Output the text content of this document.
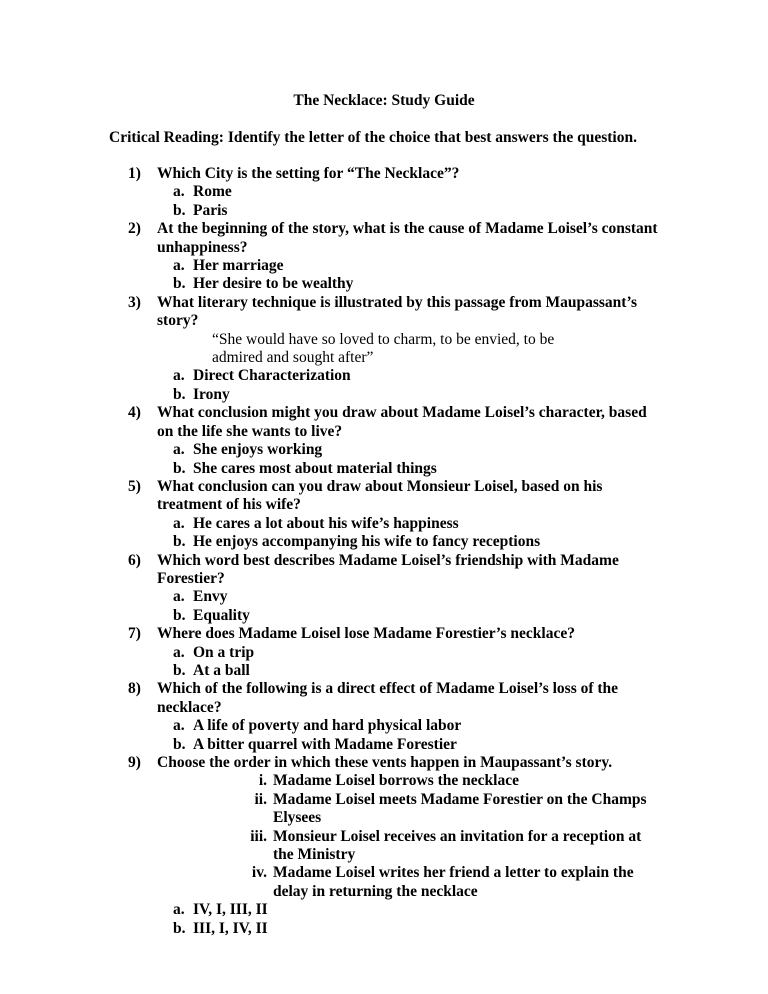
The Necklace: Study Guide
Critical Reading: Identify the letter of the choice that best answers the question.
1)	Which City is the setting for “The Necklace”?
a. Rome
b. Paris
2)	At the beginning of the story, what is the cause of Madame Loisel’s constant unhappiness?
a. Her marriage
b. Her desire to be wealthy
3)	What literary technique is illustrated by this passage from Maupassant’s story?
“She would have so loved to charm, to be envied, to be admired and sought after”
a. Direct Characterization
b. Irony
4)	What conclusion might you draw about Madame Loisel’s character, based on the life she wants to live?
a. She enjoys working
b. She cares most about material things
5)	What conclusion can you draw about Monsieur Loisel, based on his treatment of his wife?
a. He cares a lot about his wife’s happiness
b. He enjoys accompanying his wife to fancy receptions
6)	Which word best describes Madame Loisel’s friendship with Madame Forestier?
a. Envy
b. Equality
7)	Where does Madame Loisel lose Madame Forestier’s necklace?
a. On a trip
b. At a ball
8)	Which of the following is a direct effect of Madame Loisel’s loss of the necklace?
a. A life of poverty and hard physical labor
b. A bitter quarrel with Madame Forestier
9)	Choose the order in which these vents happen in Maupassant’s story.
i. Madame Loisel borrows the necklace
ii. Madame Loisel meets Madame Forestier on the Champs Elysees
iii. Monsieur Loisel receives an invitation for a reception at the Ministry
iv. Madame Loisel writes her friend a letter to explain the delay in returning the necklace
a. IV, I, III, II
b. III, I, IV, II
